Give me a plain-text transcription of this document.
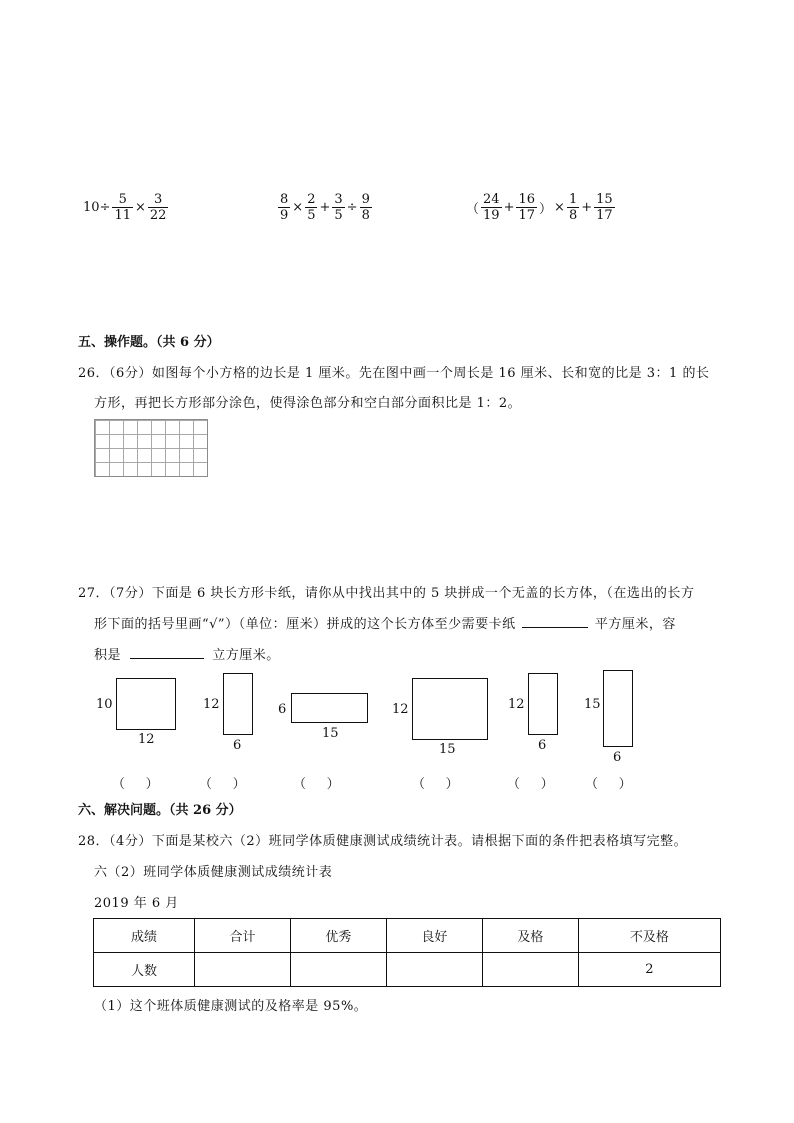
$10\div \frac{5}{11} \times \frac{3}{22}$	$\frac{8}{9} \times \frac{2}{5} + \frac{3}{5} \div \frac{9}{8}$	（ $\frac{24}{19} + \frac{16}{17}$ ） × $\frac{1}{8} + \frac{15}{17}$
五、操作题。（共 6 分）
26．（6分）如图每个小方格的边长是 1 厘米。先在图中画一个周长是 16 厘米、长和宽的比是 3：1 的长
方形，再把长方形部分涂色，使得涂色部分和空白部分面积比是 1：2。
27．（7分）下面是 6 块长方形卡纸，请你从中找出其中的 5 块拼成一个无盖的长方体，（在选出的长方
形下面的括号里画“√”）（单位：厘米）拼成的这个长方体至少需要卡纸	平方厘米，容
积是	立方厘米。
10
12
12
6
6
15
12
15
12
6
15
6
（     ）	（     ）	（     ）	（     ）	（     ） （     ）
六、解决问题。（共 26 分）
28．（4分）下面是某校六（2）班同学体质健康测试成绩统计表。请根据下面的条件把表格填写完整。
六（2）班同学体质健康测试成绩统计表
2019 年 6 月
成绩	合计	优秀	良好	及格	不及格
人数					2
（1）这个班体质健康测试的及格率是 95%。
